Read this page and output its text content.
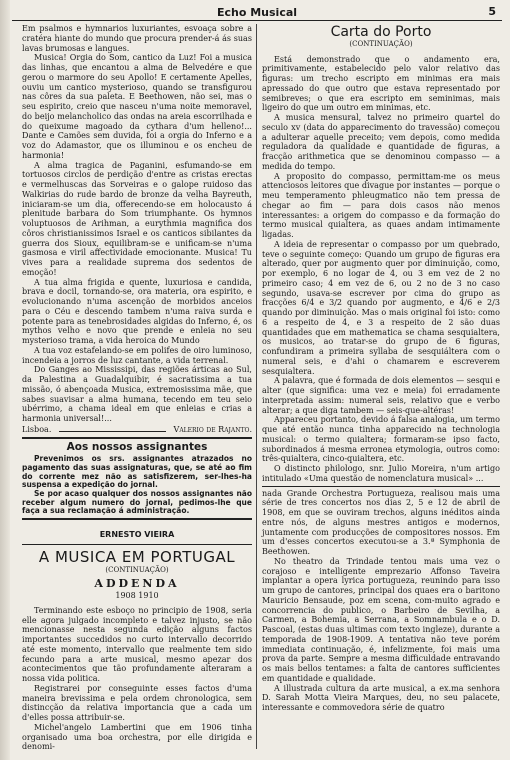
Echo Musical	5

Em psalmos e hymnarios luxuriantes, esvoaça sobre a cratéra hiante do mundo que procura prender-á ás suas lavas brumosas e langues.

Musica! Orgia do Som, cantico da Luz! Foi a musica das linhas, que encantou a alma de Belvedére e que gerou o marmore do seu Apollo! E certamente Apelles, ouviu um cantico mysterioso, quando se transfigurou nas côres da sua paleta. E Beethowen, não sei, mas o seu espirito, creio que nasceu n'uma noite memoravel, do beijo melancholico das ondas na areia escorrilhada e do queixume magoado da cythara d'um helleno!... Dante e Camões sem duvida, foi a orgia do Inferno e a voz do Adamastor, que os illuminou e os encheu de harmonia!

A alma tragica de Paganini, esfumando-se em tortuosos circlos de perdição d'entre as cristas erectas e vermelhuscas das Sorveiras e o galope ruidoso das Walkirias do rude bardo de bronze da velha Bayreuth, iniciaram-se um dia, offerecendo-se em holocausto á plenitude barbara do Som triumphante. Os hymnos voluptuosos de Arihman, a eurythmia magnifica dos côros christianissimos Israel e os canticos sibilantes da guerra dos Sioux, equilibram-se e unificam-se n'uma gasmosa e viril affectividade emocionante. Musica! Tu vives para a realidade suprema dos sedentos de emoção!

A tua alma frigida e quente, luxuriosa e candida, brava e docil, tornando-se, ora materia, ora espirito, e evolucionando n'uma ascenção de morbidos anceios para o Céu e descendo tambem n'uma raiva surda e potente para as tenebrosidades algidas do Inferno, é, os mythos velho e novo que prende e enleia no seu mysterioso trama, a vida heroica do Mundo

A tua voz estafelando-se em polifes de oiro luminoso, incendeia a jorros de luz cantante, a vida terrenal.

Do Ganges ao Mississipi, das regiões árticas ao Sul, da Palestina a Guadalquibir, é sacratissima a tua missão, ó abençoada Musica, extremosissima mãe, que sabes suavisar a alma humana, tecendo em teu seio ubérrimo, a chama ideal em que enleias e crias a harmonia universal!...

Lisboa.	Valerio de Rajanto.
Aos nossos assignantes

Prevenimos os srs. assignantes atrazados no pagamento das suas assignaturas, que, se até ao fim do corrente mez não as satisfizerem, ser-lhes-ha suspensa a expedição do jornal.

Se por acaso qualquer dos nossos assignantes não receber algum numero do jornal, pedimos-lhe que faça a sua reclamação á administração.

ERNESTO VIEIRA
A MUSICA EM PORTUGAL
(CONTINUAÇÃO)
ADDENDA
1908 1910

Terminando este esboço no principio de 1908, seria elle agora julgado incompleto e talvez injusto, se não mencionasse nesta segunda edição alguns factos importantes succedidos no curto intervallo decorrido até este momento, intervallo que realmente tem sido fecundo para a arte musical, mesmo apezar dos acontecimentos que tão profundamente alteraram a nossa vida politica.

Registrarei por conseguinte esses factos d'uma maneira brevissima e pela ordem chronologica, sem distincção da relativa importancia que a cada um d'elles possa attribuir-se.

Michel'angelo Lambertini que em 1906 tinha organisado uma boa orchestra, por elle dirigida e denomi-

Carta do Porto
(CONTINUAÇÃO)

Está demonstrado que o andamento era, primitivamente, estabelecido pelo valor relativo das figuras: um trecho escripto em minimas era mais apressado do que outro que estava representado por semibreves; o que era escripto em seminimas, mais ligeiro do que um outro em minimas, etc.

A musica mensural, talvez no primeiro quartel do seculo xv (data do apparecimento do travessão) começou a adulterar aquelle preceito; vem depois, como medida reguladora da qualidade e quantidade de figuras, a fracção arithmetica que se denominou compasso — a medida do tempo.

A proposito do compasso, permittam-me os meus attenciosos leitores que divague por instantes — porque o meu temperamento phleugmatico não tem pressa de chegar ao fim — para dois casos não menos interessantes: a origem do compasso e da formação do termo musical quialtera, as quaes andam intimamente ligadas.

A ideia de representar o compasso por um quebrado, teve o seguinte começo: Quando um grupo de figuras era alterado, quer por augmento quer por diminuição, como, por exemplo, 6 no logar de 4, ou 3 em vez de 2 no primeiro caso; 4 em vez de 6, ou 2 no de 3 no caso segundo, usava-se escrever por cima do grupo as fracções 6/4 e 3/2 quando por augmento, e 4/6 e 2/3 quando por diminuição. Mas o mais original foi isto: como 6 a respeito de 4, e 3 a respeito de 2 são duas quantidades que em mathematica se chama sesquialtera, os musicos, ao tratar-se do grupo de 6 figuras, confundiram a primeira syllaba de sesquiáltera com o numeral seis, e d'ahi o chamarem e escreverem sesquialtera.

A palavra, que é formada de dois elementos — sesqui e alter (que significa: uma vez e meia) foi erradamente interpretada assim: numeral seis, relativo que e verbo alterar; a que diga tambem — seis-que-altéras!

Appareceu portanto, devido á falsa analogia, um termo que até então nunca tinha apparecido na technologia musical: o termo quialtera; formaram-se ipso facto, subordinados á mesma erronea etymologia, outros como: três-quialtera, cinco-quialtera, etc.

O distincto philologo, snr. Julio Moreira, n'um artigo intitulado «Uma questão de nomenclatura musical» ...

nada Grande Orchestra Portugueza, realisou mais uma série de tres concertos nos dias 2, 5 e 12 de abril de 1908, em que se ouviram trechos, alguns inéditos ainda entre nós, de alguns mestres antigos e modernos, juntamente com producções de compositores nossos. Em um d'esses concertos executou-se a 3.ª Symphonia de Beethowen.

No theatro da Trindade tentou mais uma vez o corajoso e intelligente emprezario Affonso Taveira implantar a opera lyrica portugueza, reunindo para isso um grupo de cantores, principal dos quaes era o baritono Mauricio Bensaude, poz em scena, com-muito agrado e concorrencia do publico, o Barbeiro de Sevilha, a Carmen, a Bohemia, a Serrana, a Somnambula e o D. Pascoal, (estas duas ultimas com texto ingleze), durante a temporada de 1908-1909. A tentativa não teve porém immediata continuação, é, infelizmente, foi mais uma prova da parte. Sempre a mesma difficuldade entravando os mais bellos tentames: a falta de cantores sufficientes em quantidade e qualidade.

A illustrada cultura da arte musical, a ex.ma senhora D. Sarah Motta Vieira Marques, deu, no seu palacete, interessante e commovedora série de quatro
